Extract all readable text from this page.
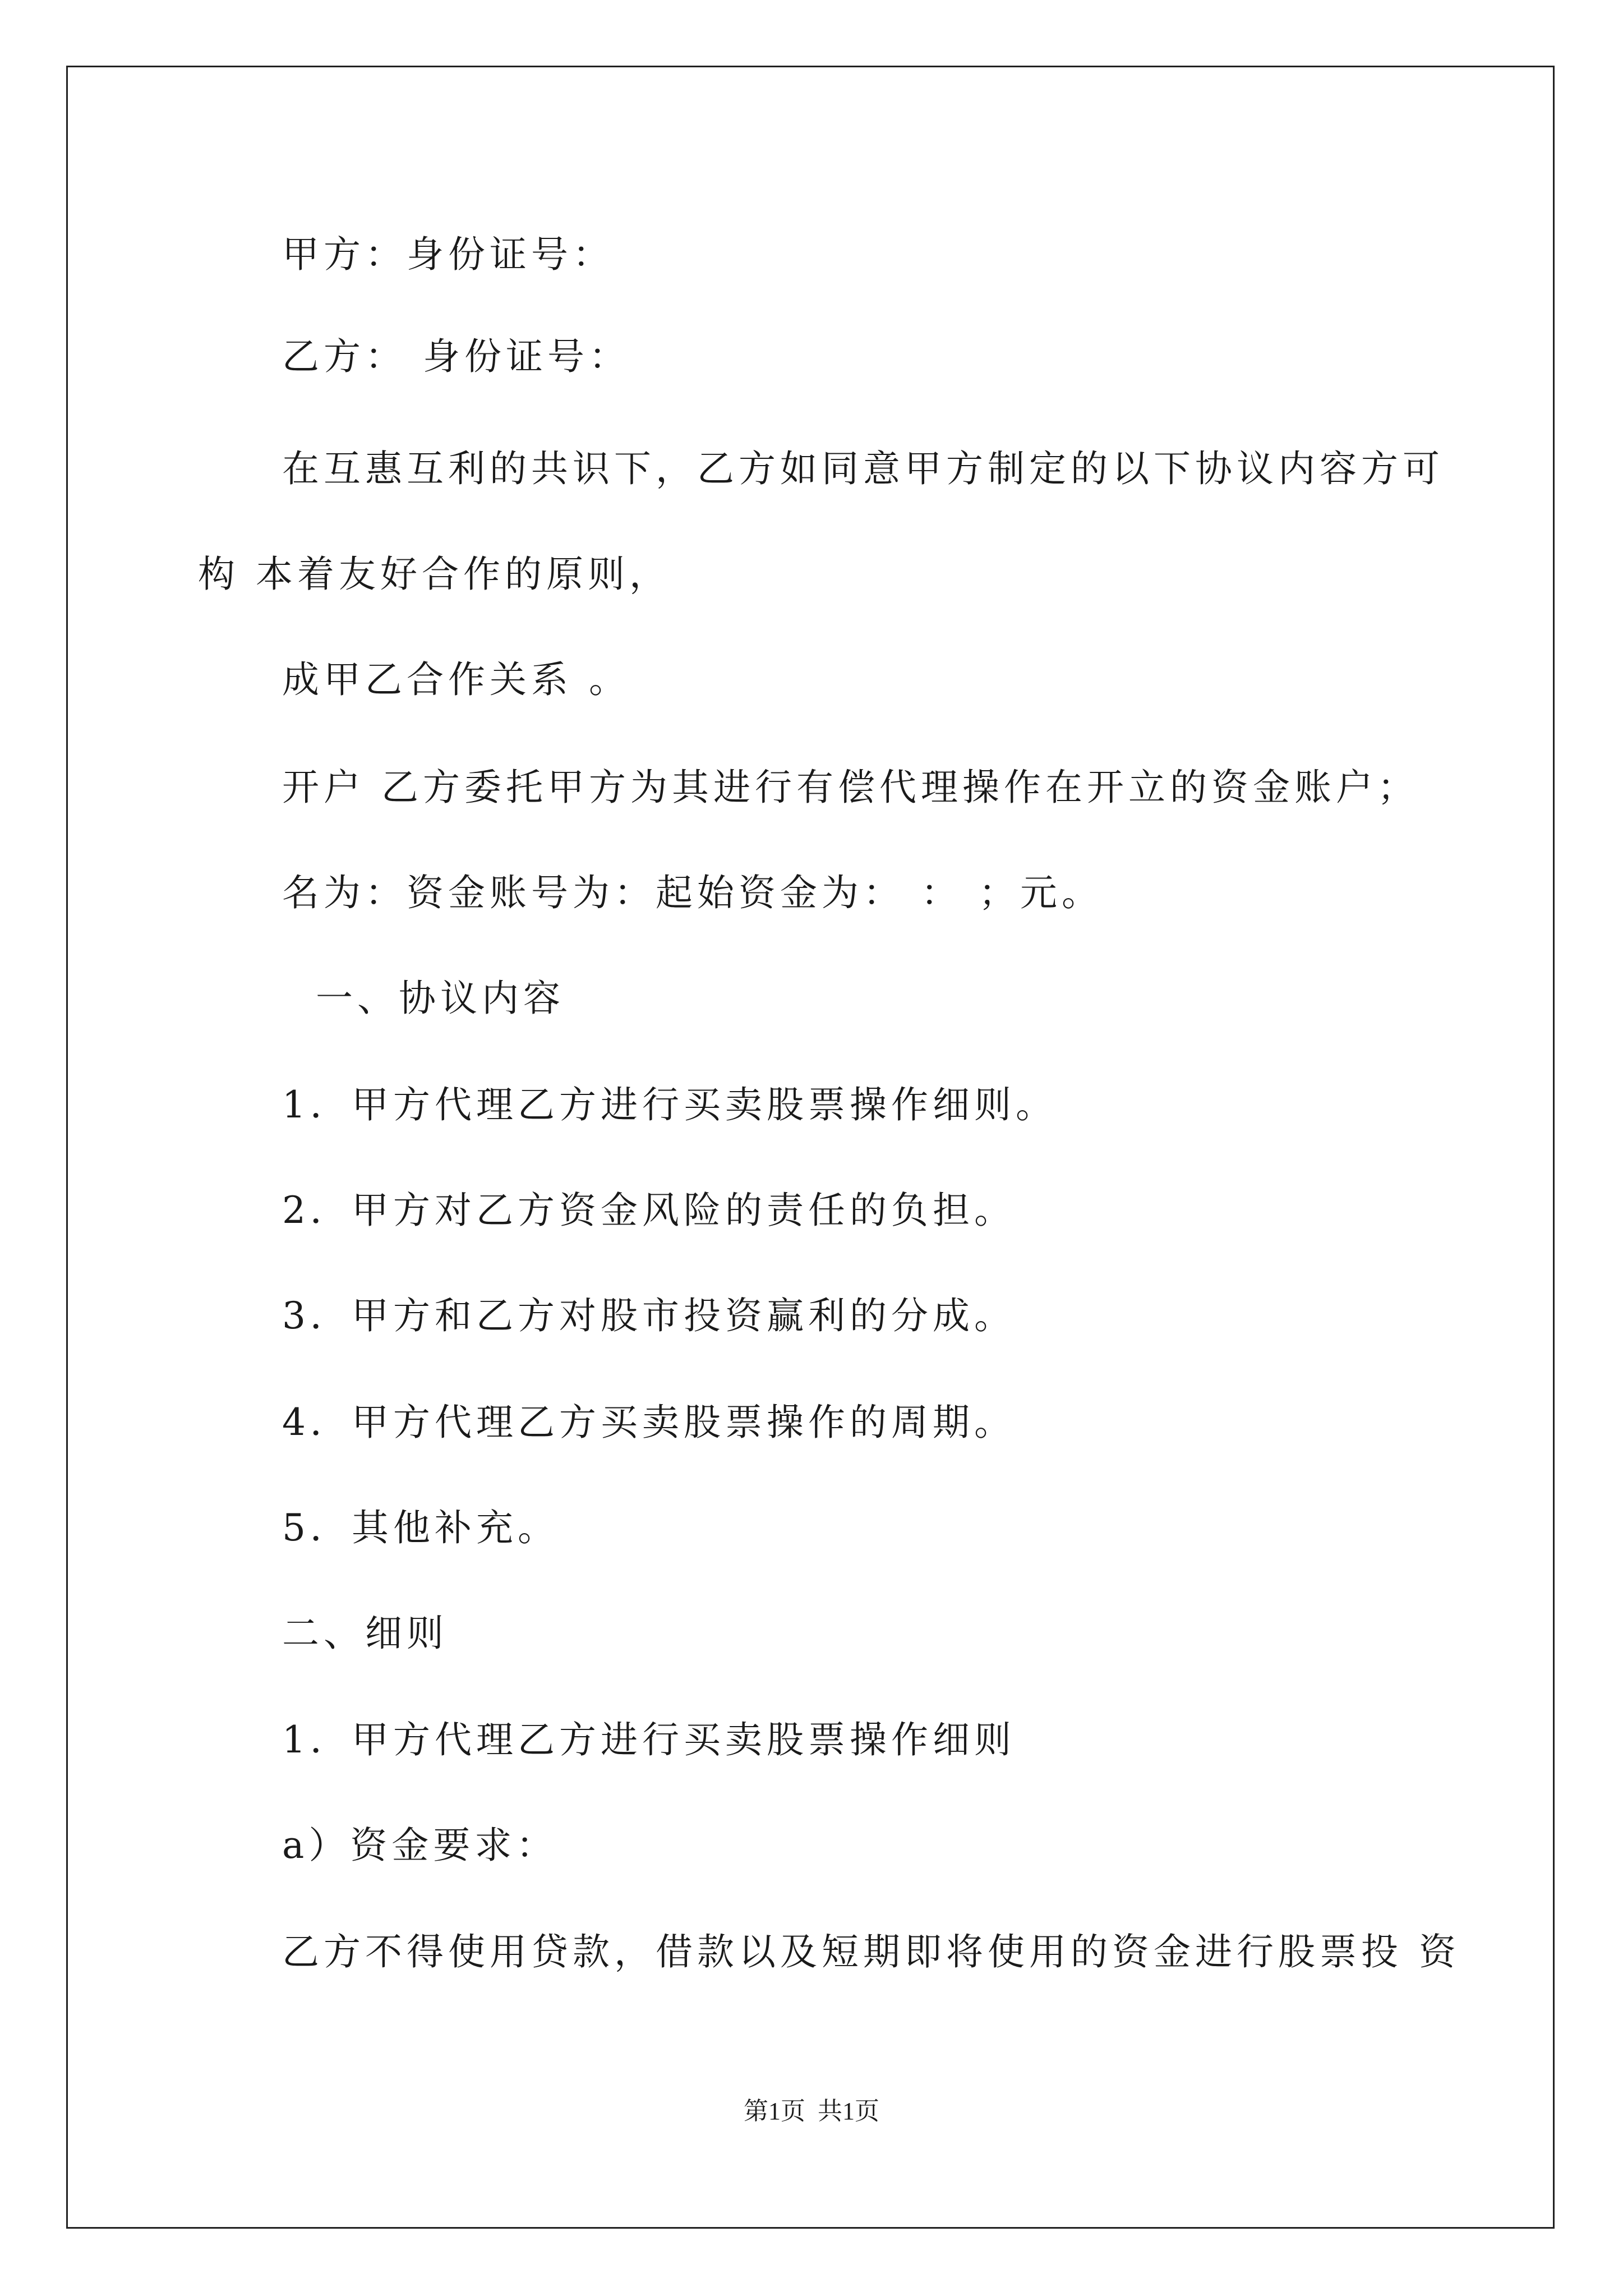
甲方：身份证号：

乙方： 身份证号：

在互惠互利的共识下，乙方如同意甲方制定的以下协议内容方可

构 本着友好合作的原则，

成甲乙合作关系 。

开户 乙方委托甲方为其进行有偿代理操作在开立的资金账户；

名为：资金账号为：起始资金为： ： ；元。

一、协议内容

1．甲方代理乙方进行买卖股票操作细则。

2．甲方对乙方资金风险的责任的负担。

3．甲方和乙方对股市投资赢利的分成。

4．甲方代理乙方买卖股票操作的周期。

5．其他补充。

二、细则

1．甲方代理乙方进行买卖股票操作细则

a）资金要求：

乙方不得使用贷款，借款以及短期即将使用的资金进行股票投 资

第1页  共1页
